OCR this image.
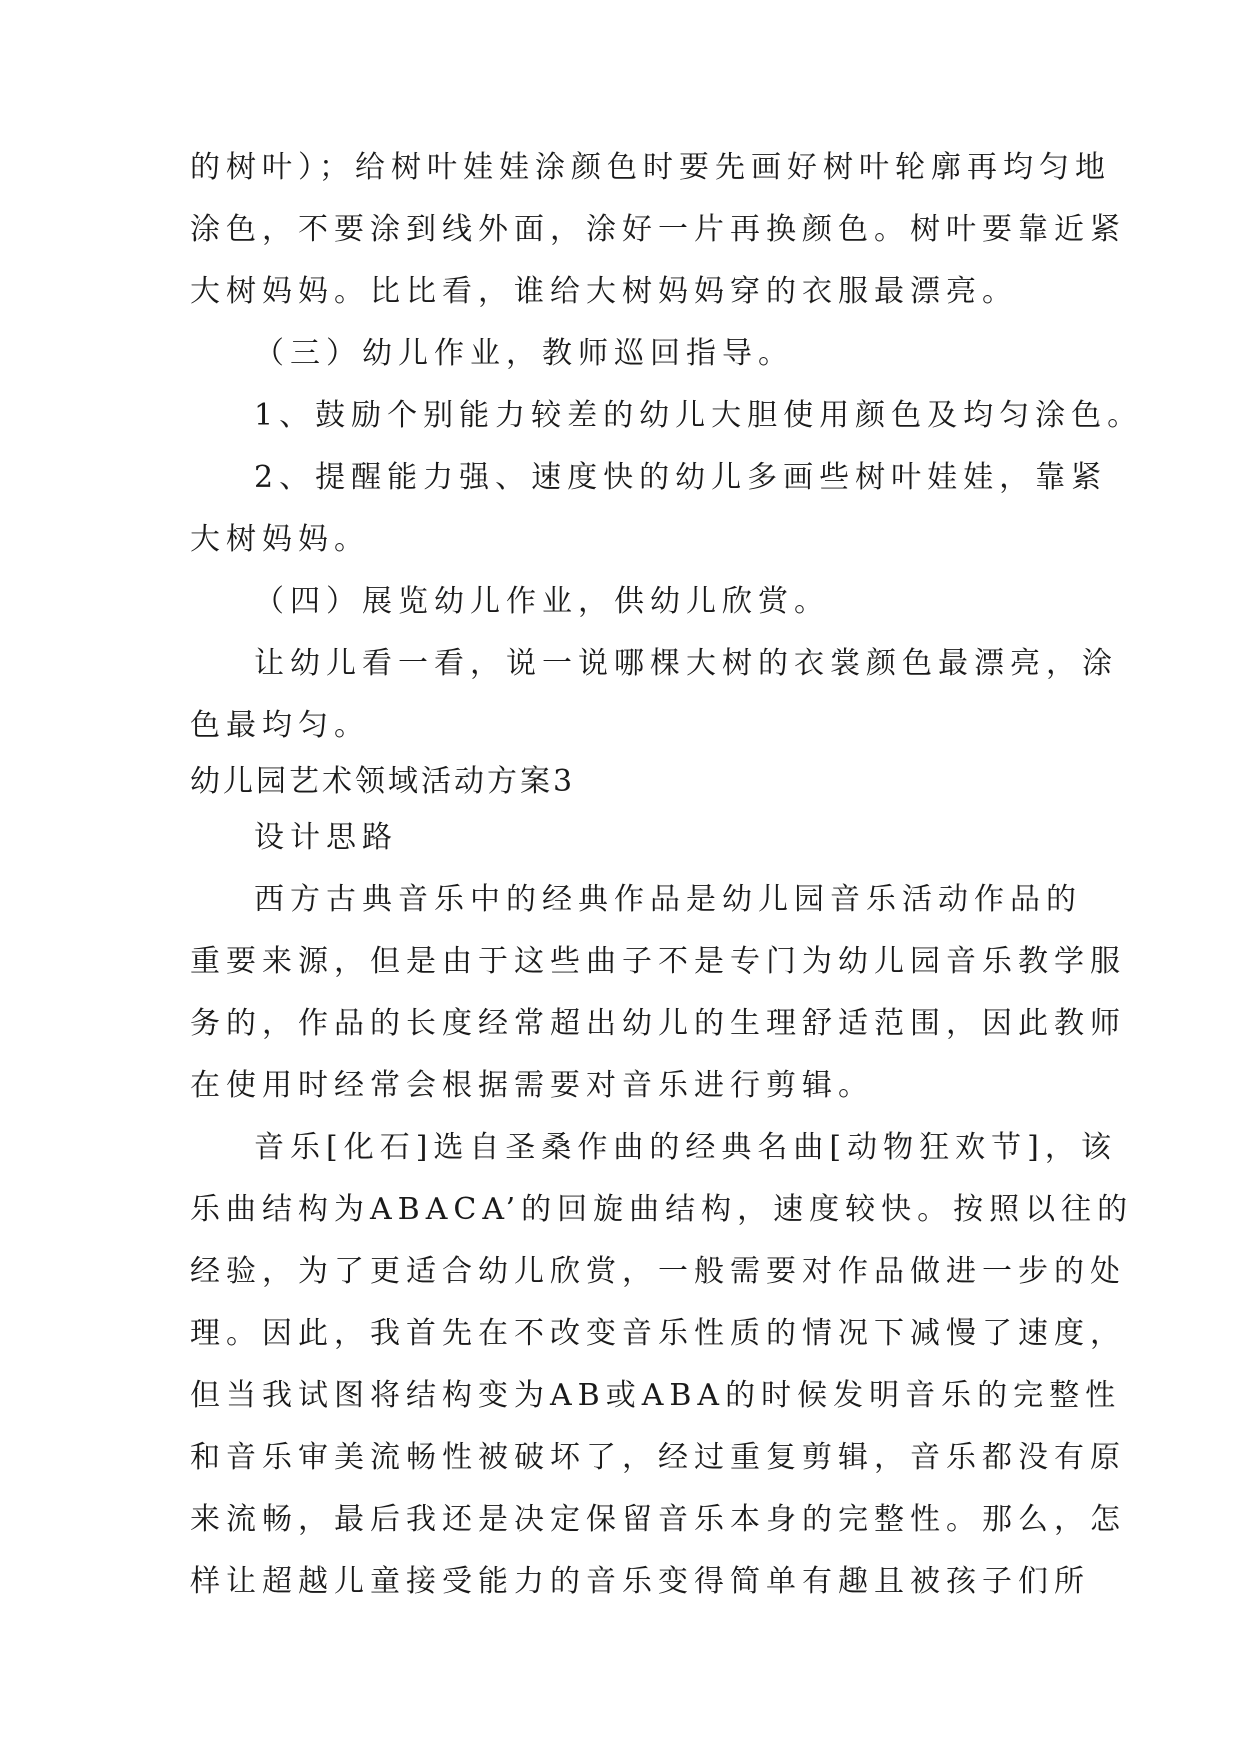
的树叶）；给树叶娃娃涂颜色时要先画好树叶轮廓再均匀地
涂色，不要涂到线外面，涂好一片再换颜色。树叶要靠近紧
大树妈妈。比比看，谁给大树妈妈穿的衣服最漂亮。
（三）幼儿作业，教师巡回指导。
1、鼓励个别能力较差的幼儿大胆使用颜色及均匀涂色。
2、提醒能力强、速度快的幼儿多画些树叶娃娃，靠紧
大树妈妈。
（四）展览幼儿作业，供幼儿欣赏。
让幼儿看一看，说一说哪棵大树的衣裳颜色最漂亮，涂
色最均匀。
幼儿园艺术领域活动方案3
设计思路
西方古典音乐中的经典作品是幼儿园音乐活动作品的
重要来源，但是由于这些曲子不是专门为幼儿园音乐教学服
务的，作品的长度经常超出幼儿的生理舒适范围，因此教师
在使用时经常会根据需要对音乐进行剪辑。
音乐[化石]选自圣桑作曲的经典名曲[动物狂欢节]，该
乐曲结构为ABACA’的回旋曲结构，速度较快。按照以往的
经验，为了更适合幼儿欣赏，一般需要对作品做进一步的处
理。因此，我首先在不改变音乐性质的情况下减慢了速度，
但当我试图将结构变为AB或ABA的时候发明音乐的完整性
和音乐审美流畅性被破坏了，经过重复剪辑，音乐都没有原
来流畅，最后我还是决定保留音乐本身的完整性。那么，怎
样让超越儿童接受能力的音乐变得简单有趣且被孩子们所
